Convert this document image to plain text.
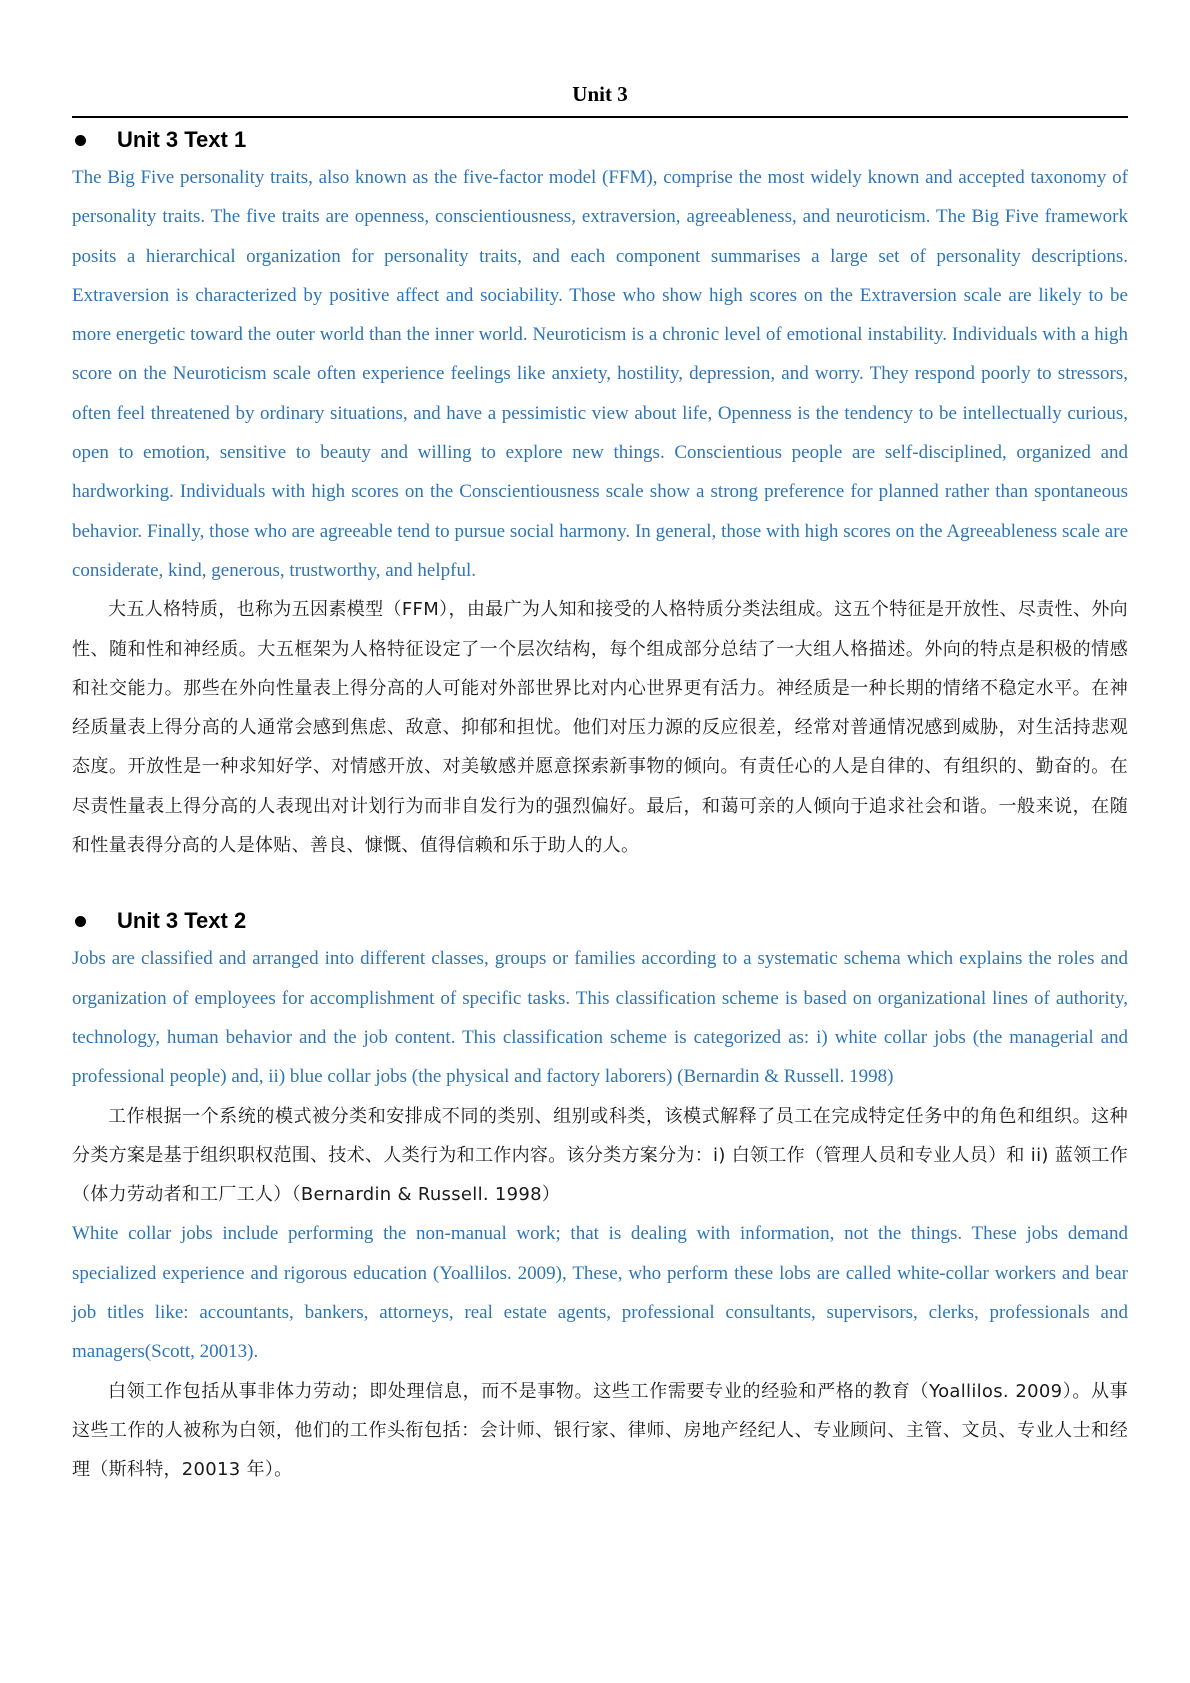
Unit 3
Unit 3 Text 1

The Big Five personality traits, also known as the five-factor model (FFM), comprise the most widely known and accepted taxonomy of personality traits. The five traits are openness, conscientiousness, extraversion, agreeableness, and neuroticism. The Big Five framework posits a hierarchical organization for personality traits, and each component summarises a large set of personality descriptions. Extraversion is characterized by positive affect and sociability. Those who show high scores on the Extraversion scale are likely to be more energetic toward the outer world than the inner world. Neuroticism is a chronic level of emotional instability. Individuals with a high score on the Neuroticism scale often experience feelings like anxiety, hostility, depression, and worry. They respond poorly to stressors, often feel threatened by ordinary situations, and have a pessimistic view about life, Openness is the tendency to be intellectually curious, open to emotion, sensitive to beauty and willing to explore new things. Conscientious people are self-disciplined, organized and hardworking. Individuals with high scores on the Conscientiousness scale show a strong preference for planned rather than spontaneous behavior. Finally, those who are agreeable tend to pursue social harmony. In general, those with high scores on the Agreeableness scale are considerate, kind, generous, trustworthy, and helpful.

大五人格特质，也称为五因素模型（FFM），由最广为人知和接受的人格特质分类法组成。这五个特征是开放性、尽责性、外向性、随和性和神经质。大五框架为人格特征设定了一个层次结构，每个组成部分总结了一大组人格描述。外向的特点是积极的情感和社交能力。那些在外向性量表上得分高的人可能对外部世界比对内心世界更有活力。神经质是一种长期的情绪不稳定水平。在神经质量表上得分高的人通常会感到焦虑、敌意、抑郁和担忧。他们对压力源的反应很差，经常对普通情况感到威胁，对生活持悲观态度。开放性是一种求知好学、对情感开放、对美敏感并愿意探索新事物的倾向。有责任心的人是自律的、有组织的、勤奋的。在尽责性量表上得分高的人表现出对计划行为而非自发行为的强烈偏好。最后，和蔼可亲的人倾向于追求社会和谐。一般来说，在随和性量表得分高的人是体贴、善良、慷慨、值得信赖和乐于助人的人。

Unit 3 Text 2

Jobs are classified and arranged into different classes, groups or families according to a systematic schema which explains the roles and organization of employees for accomplishment of specific tasks. This classification scheme is based on organizational lines of authority, technology, human behavior and the job content. This classification scheme is categorized as: i) white collar jobs (the managerial and professional people) and, ii) blue collar jobs (the physical and factory laborers) (Bernardin & Russell. 1998)

工作根据一个系统的模式被分类和安排成不同的类别、组别或科类，该模式解释了员工在完成特定任务中的角色和组织。这种分类方案是基于组织职权范围、技术、人类行为和工作内容。该分类方案分为：i) 白领工作（管理人员和专业人员）和 ii) 蓝领工作（体力劳动者和工厂工人）（Bernardin & Russell. 1998）

White collar jobs include performing the non-manual work; that is dealing with information, not the things. These jobs demand specialized experience and rigorous education (Yoallilos. 2009), These, who perform these lobs are called white-collar workers and bear job titles like: accountants, bankers, attorneys, real estate agents, professional consultants, supervisors, clerks, professionals and managers(Scott, 20013).

白领工作包括从事非体力劳动；即处理信息，而不是事物。这些工作需要专业的经验和严格的教育（Yoallilos. 2009）。从事这些工作的人被称为白领，他们的工作头衔包括：会计师、银行家、律师、房地产经纪人、专业顾问、主管、文员、专业人士和经理（斯科特，20013 年）。
